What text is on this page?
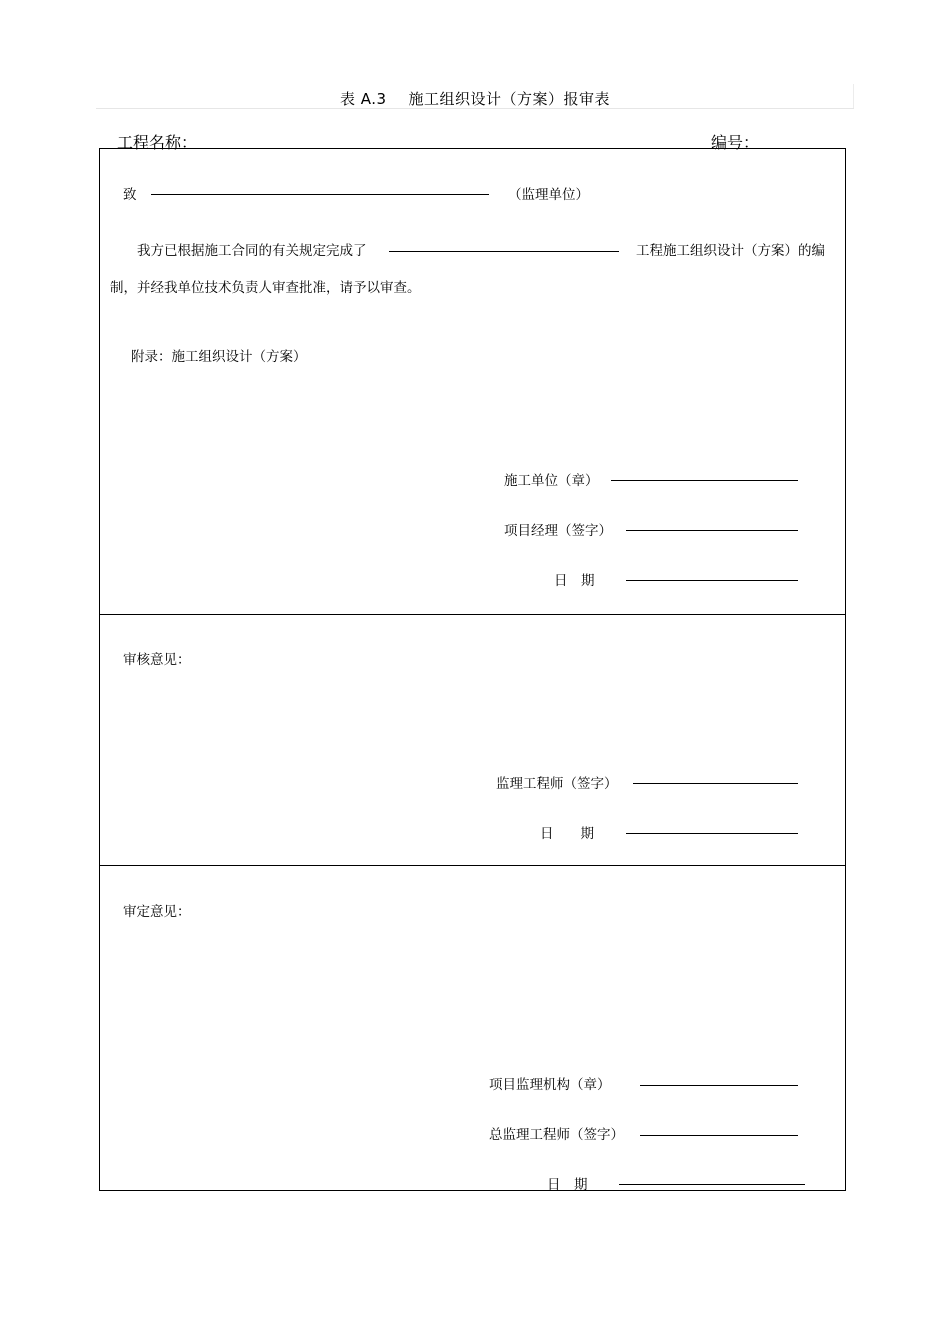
表 A.3 施工组织设计（方案）报审表
工程名称：	编号：
致	（监理单位）
我方已根据施工合同的有关规定完成了	工程施工组织设计（方案）的编
制，并经我单位技术负责人审查批准，请予以审查。
附录：施工组织设计（方案）
施工单位（章）
项目经理（签字）
日　期
审核意见：
监理工程师（签字）
日　　期
审定意见：
项目监理机构（章）
总监理工程师（签字）
日　期
